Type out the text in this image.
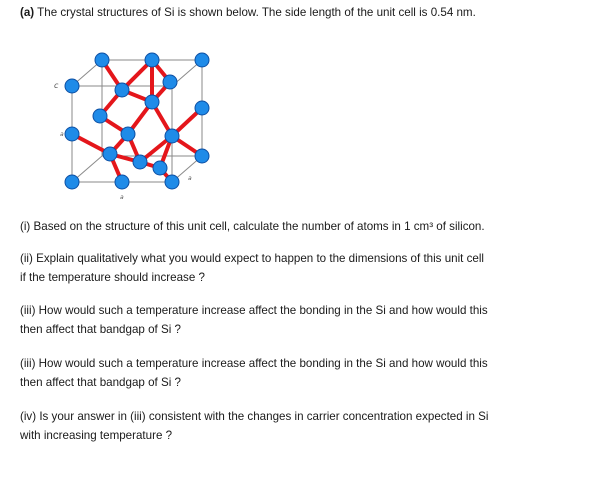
(a) The crystal structures of Si is shown below. The side length of the unit cell is 0.54 nm.
c
a
a
a
(i) Based on the structure of this unit cell, calculate the number of atoms in 1 cm³ of silicon.
(ii) Explain qualitatively what you would expect to happen to the dimensions of this unit cell
if the temperature should increase ?
(iii) How would such a temperature increase affect the bonding in the Si and how would this
then affect that bandgap of Si ?
(iii) How would such a temperature increase affect the bonding in the Si and how would this
then affect that bandgap of Si ?
(iv) Is your answer in (iii) consistent with the changes in carrier concentration expected in Si
with increasing temperature ?
